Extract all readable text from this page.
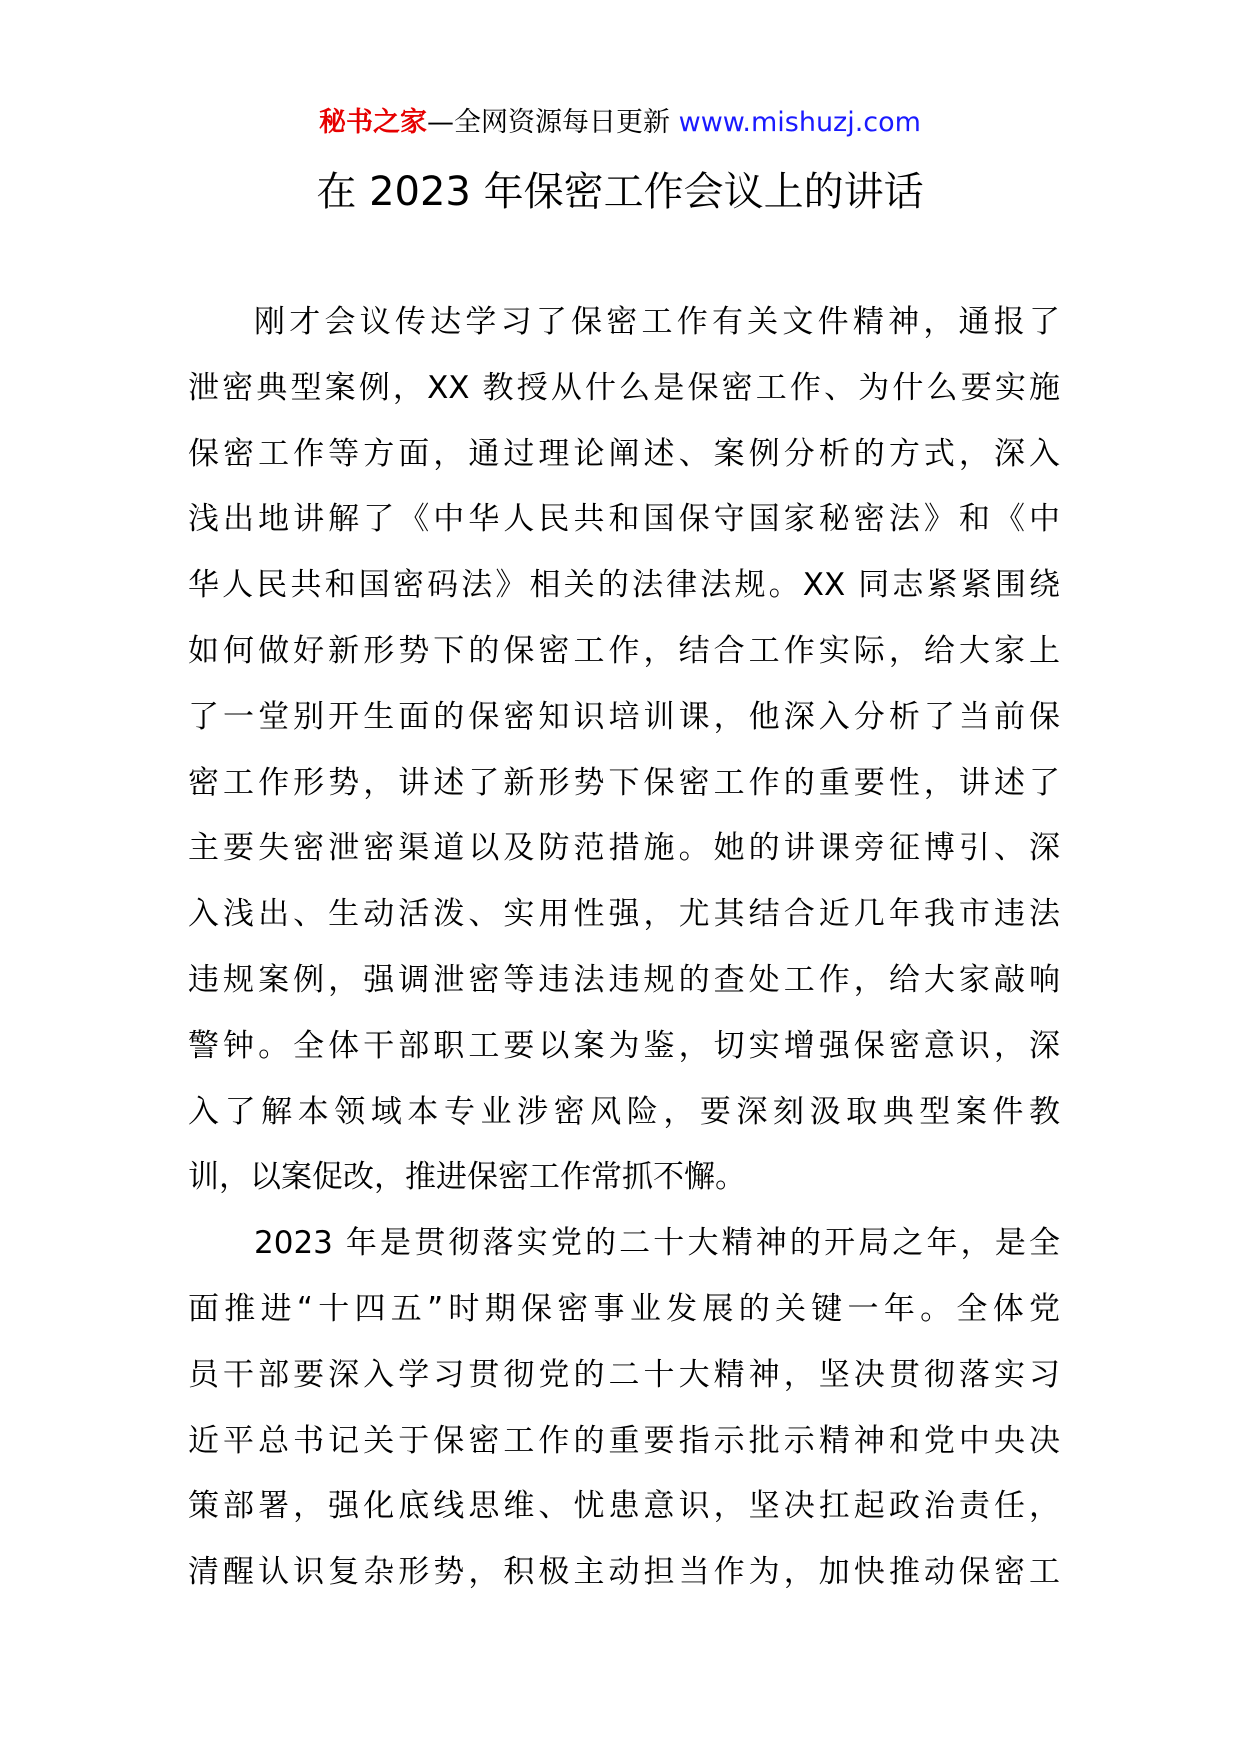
秘书之家—全网资源每日更新 www.mishuzj.com
在 2023 年保密工作会议上的讲话
刚才会议传达学习了保密工作有关文件精神，通报了
泄密典型案例，XX 教授从什么是保密工作、为什么要实施
保密工作等方面，通过理论阐述、案例分析的方式，深入
浅出地讲解了《中华人民共和国保守国家秘密法》和《中
华人民共和国密码法》相关的法律法规。XX 同志紧紧围绕
如何做好新形势下的保密工作，结合工作实际，给大家上
了一堂别开生面的保密知识培训课，他深入分析了当前保
密工作形势，讲述了新形势下保密工作的重要性，讲述了
主要失密泄密渠道以及防范措施。她的讲课旁征博引、深
入浅出、生动活泼、实用性强，尤其结合近几年我市违法
违规案例，强调泄密等违法违规的查处工作，给大家敲响
警钟。全体干部职工要以案为鉴，切实增强保密意识，深
入了解本领域本专业涉密风险，要深刻汲取典型案件教
训，以案促改，推进保密工作常抓不懈。
2023 年是贯彻落实党的二十大精神的开局之年，是全
面推进“十四五”时期保密事业发展的关键一年。全体党
员干部要深入学习贯彻党的二十大精神，坚决贯彻落实习
近平总书记关于保密工作的重要指示批示精神和党中央决
策部署，强化底线思维、忧患意识，坚决扛起政治责任，
清醒认识复杂形势，积极主动担当作为，加快推动保密工
